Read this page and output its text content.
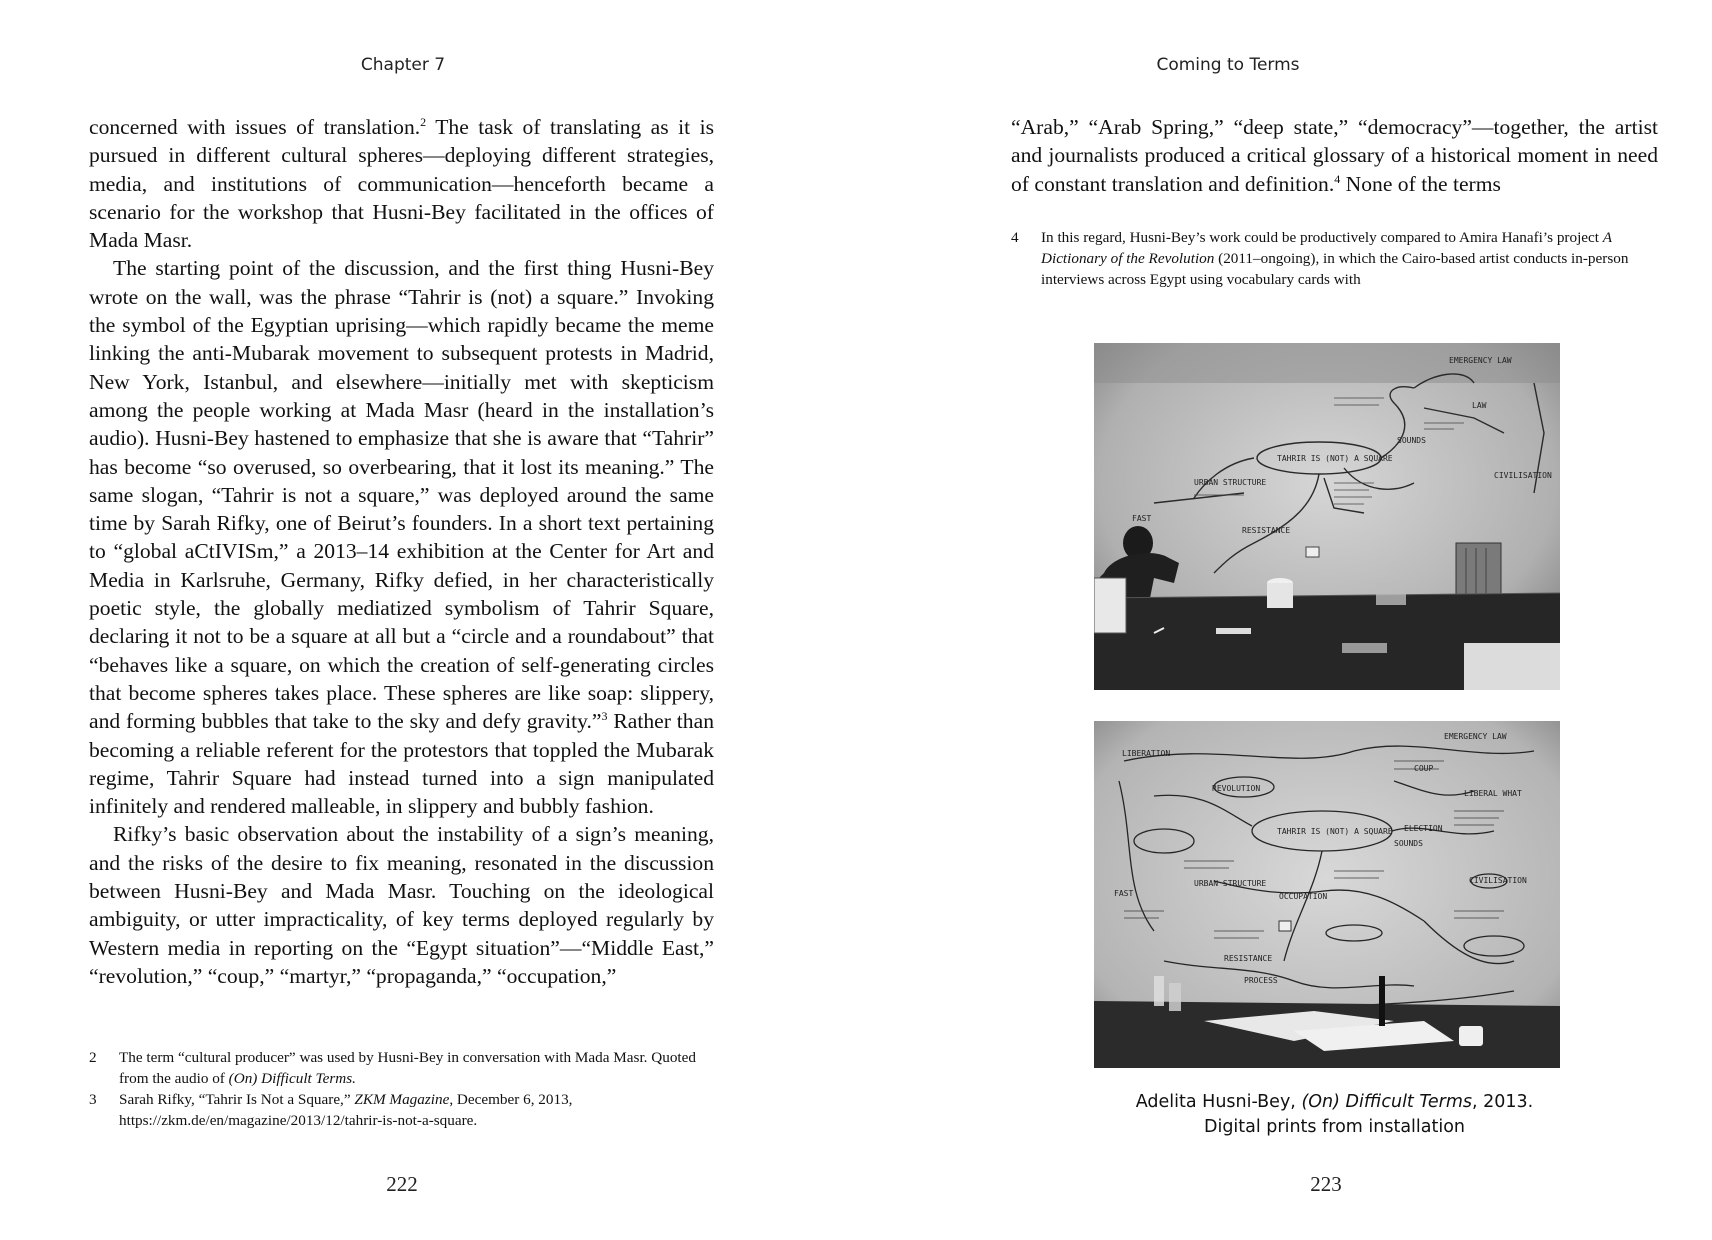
Chapter 7

concerned with issues of translation.$^2$ The task of translating as it is pursued in different cultural spheres—deploying different strategies, media, and institutions of communication—henceforth became a scenario for the workshop that Husni-Bey facilitated in the offices of Mada Masr.

The starting point of the discussion, and the first thing Husni-Bey wrote on the wall, was the phrase “Tahrir is (not) a square.” Invoking the symbol of the Egyptian uprising—which rapidly became the meme linking the anti-Mubarak movement to subsequent protests in Madrid, New York, Istanbul, and elsewhere—initially met with skepticism among the people working at Mada Masr (heard in the installation’s audio). Husni-Bey hastened to emphasize that she is aware that “Tahrir” has become “so overused, so overbearing, that it lost its meaning.” The same slogan, “Tahrir is not a square,” was deployed around the same time by Sarah Rifky, one of Beirut’s founders. In a short text pertaining to “global aCtIVISm,” a 2013–14 exhibition at the Center for Art and Media in Karlsruhe, Germany, Rifky defied, in her characteristically poetic style, the globally mediatized symbolism of Tahrir Square, declaring it not to be a square at all but a “circle and a roundabout” that “behaves like a square, on which the creation of self-generating circles that become spheres takes place. These spheres are like soap: slippery, and forming bubbles that take to the sky and defy gravity.”$^3$ Rather than becoming a reliable referent for the protestors that toppled the Mubarak regime, Tahrir Square had instead turned into a sign manipulated infinitely and rendered malleable, in slippery and bubbly fashion.

Rifky’s basic observation about the instability of a sign’s meaning, and the risks of the desire to fix meaning, resonated in the discussion between Husni-Bey and Mada Masr. Touching on the ideological ambiguity, or utter impracticality, of key terms deployed regularly by Western media in reporting on the “Egypt situation”—“Middle East,” “revolution,” “coup,” “martyr,” “propaganda,” “occupation,”

2 The term “cultural producer” was used by Husni-Bey in conversation with Mada Masr. Quoted from the audio of (On) Difficult Terms.
3 Sarah Rifky, “Tahrir Is Not a Square,” ZKM Magazine, December 6, 2013, https://zkm.de/en/magazine/2013/12/tahrir-is-not-a-square.
222
Coming to Terms

“Arab,” “Arab Spring,” “deep state,” “democracy”—together, the artist and journalists produced a critical glossary of a historical moment in need of constant translation and definition.$^4$ None of the terms

4 In this regard, Husni-Bey’s work could be productively compared to Amira Hanafi’s project A Dictionary of the Revolution (2011–ongoing), in which the Cairo-based artist conducts in-person interviews across Egypt using vocabulary cards with
TAHRIR IS (NOT) A SQUARE
EMERGENCY LAW
SOUNDS
URBAN STRUCTURE
FAST
RESISTANCE
CIVILISATION
LAW
TAHRIR IS (NOT) A SQUARE
EMERGENCY LAW
LIBERATION
COUP
REVOLUTION
SOUNDS
URBAN STRUCTURE
FAST	OCCUPATION
RESISTANCE
PROCESS
ELECTION
LIBERAL WHAT
CIVILISATION
Adelita Husni-Bey, (On) Difficult Terms, 2013.
Digital prints from installation
223
